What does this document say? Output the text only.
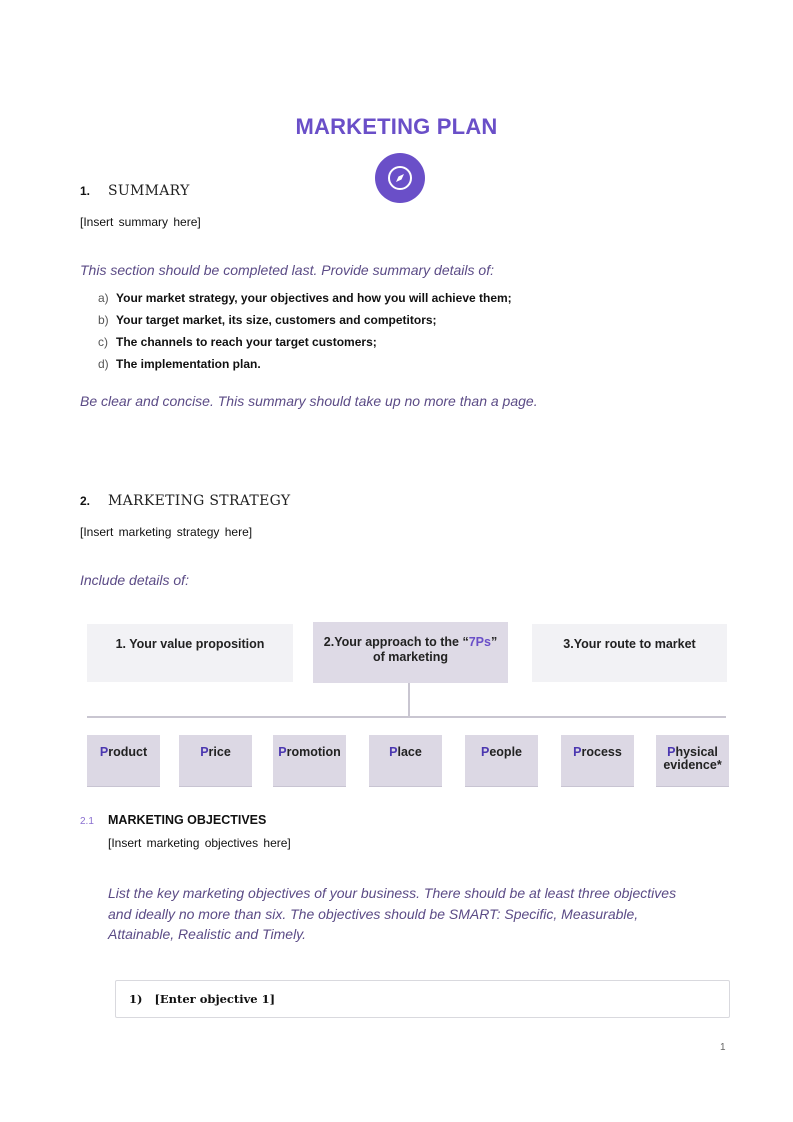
MARKETING PLAN
1. SUMMARY
[Insert summary here]
This section should be completed last. Provide summary details of:
a) Your market strategy, your objectives and how you will achieve them;
b) Your target market, its size, customers and competitors;
c) The channels to reach your target customers;
d) The implementation plan.
Be clear and concise. This summary should take up no more than a page.
2. MARKETING STRATEGY
[Insert marketing strategy here]
Include details of:
1. Your value proposition	2.Your approach to the “7Ps”
of marketing
3.Your route to market
Product	Price	Promotion	Place	People	Process	Physical
evidence*
2.1 MARKETING OBJECTIVES
[Insert marketing objectives here]
List the key marketing objectives of your business. There should be at least three objectives
and ideally no more than six. The objectives should be SMART: Specific, Measurable,
Attainable, Realistic and Timely.
1) [Enter objective 1]
1
